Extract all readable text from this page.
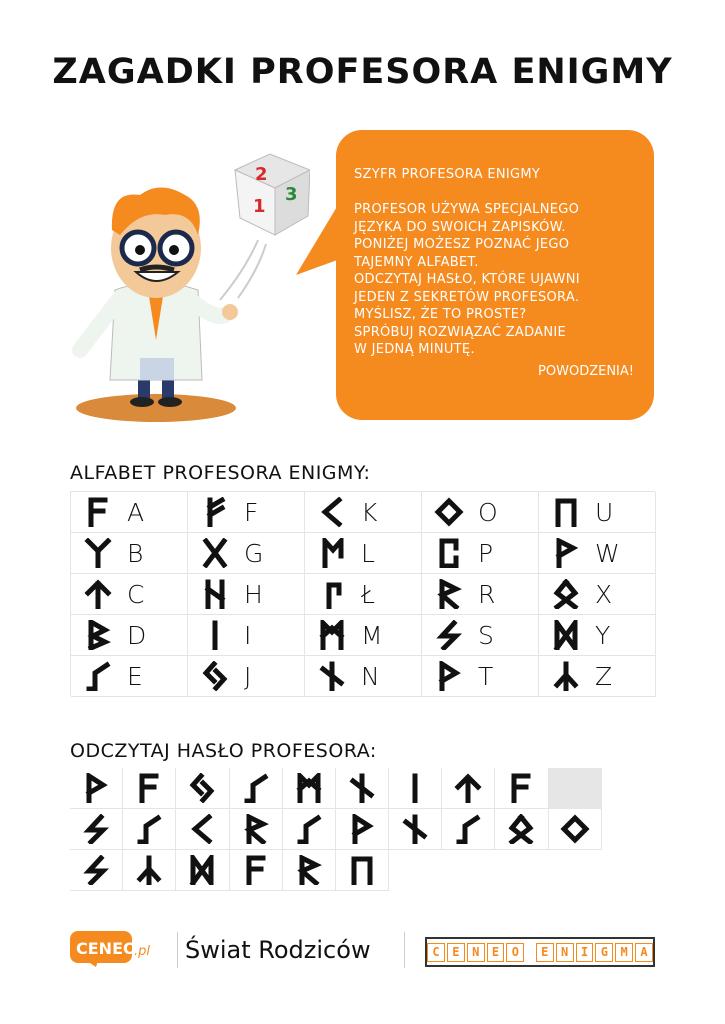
ZAGADKI PROFESORA ENIGMY
2
1
3
SZYFR PROFESORA ENIGMY

PROFESOR UŻYWA SPECJALNEGO
JĘZYKA DO SWOICH ZAPISKÓW.
PONIŻEJ MOŻESZ POZNAĆ JEGO
TAJEMNY ALFABET.
ODCZYTAJ HASŁO, KTÓRE UJAWNI
JEDEN Z SEKRETÓW PROFESORA.
MYŚLISZ, ŻE TO PROSTE?
SPRÓBUJ ROZWIĄZAĆ ZADANIE
W JEDNĄ MINUTĘ.
POWODZENIA!
ALFABET PROFESORA ENIGMY:
A	F	K	O	U
B	G	L	P	W
C	H	Ł	R	X
D	I	M	S	Y
E	J	N	T	Z
ODCZYTAJ HASŁO PROFESORA:
CENEO
.pl Świat Rodziców	C	E	N	E	O	E	N	I	G	M	A
